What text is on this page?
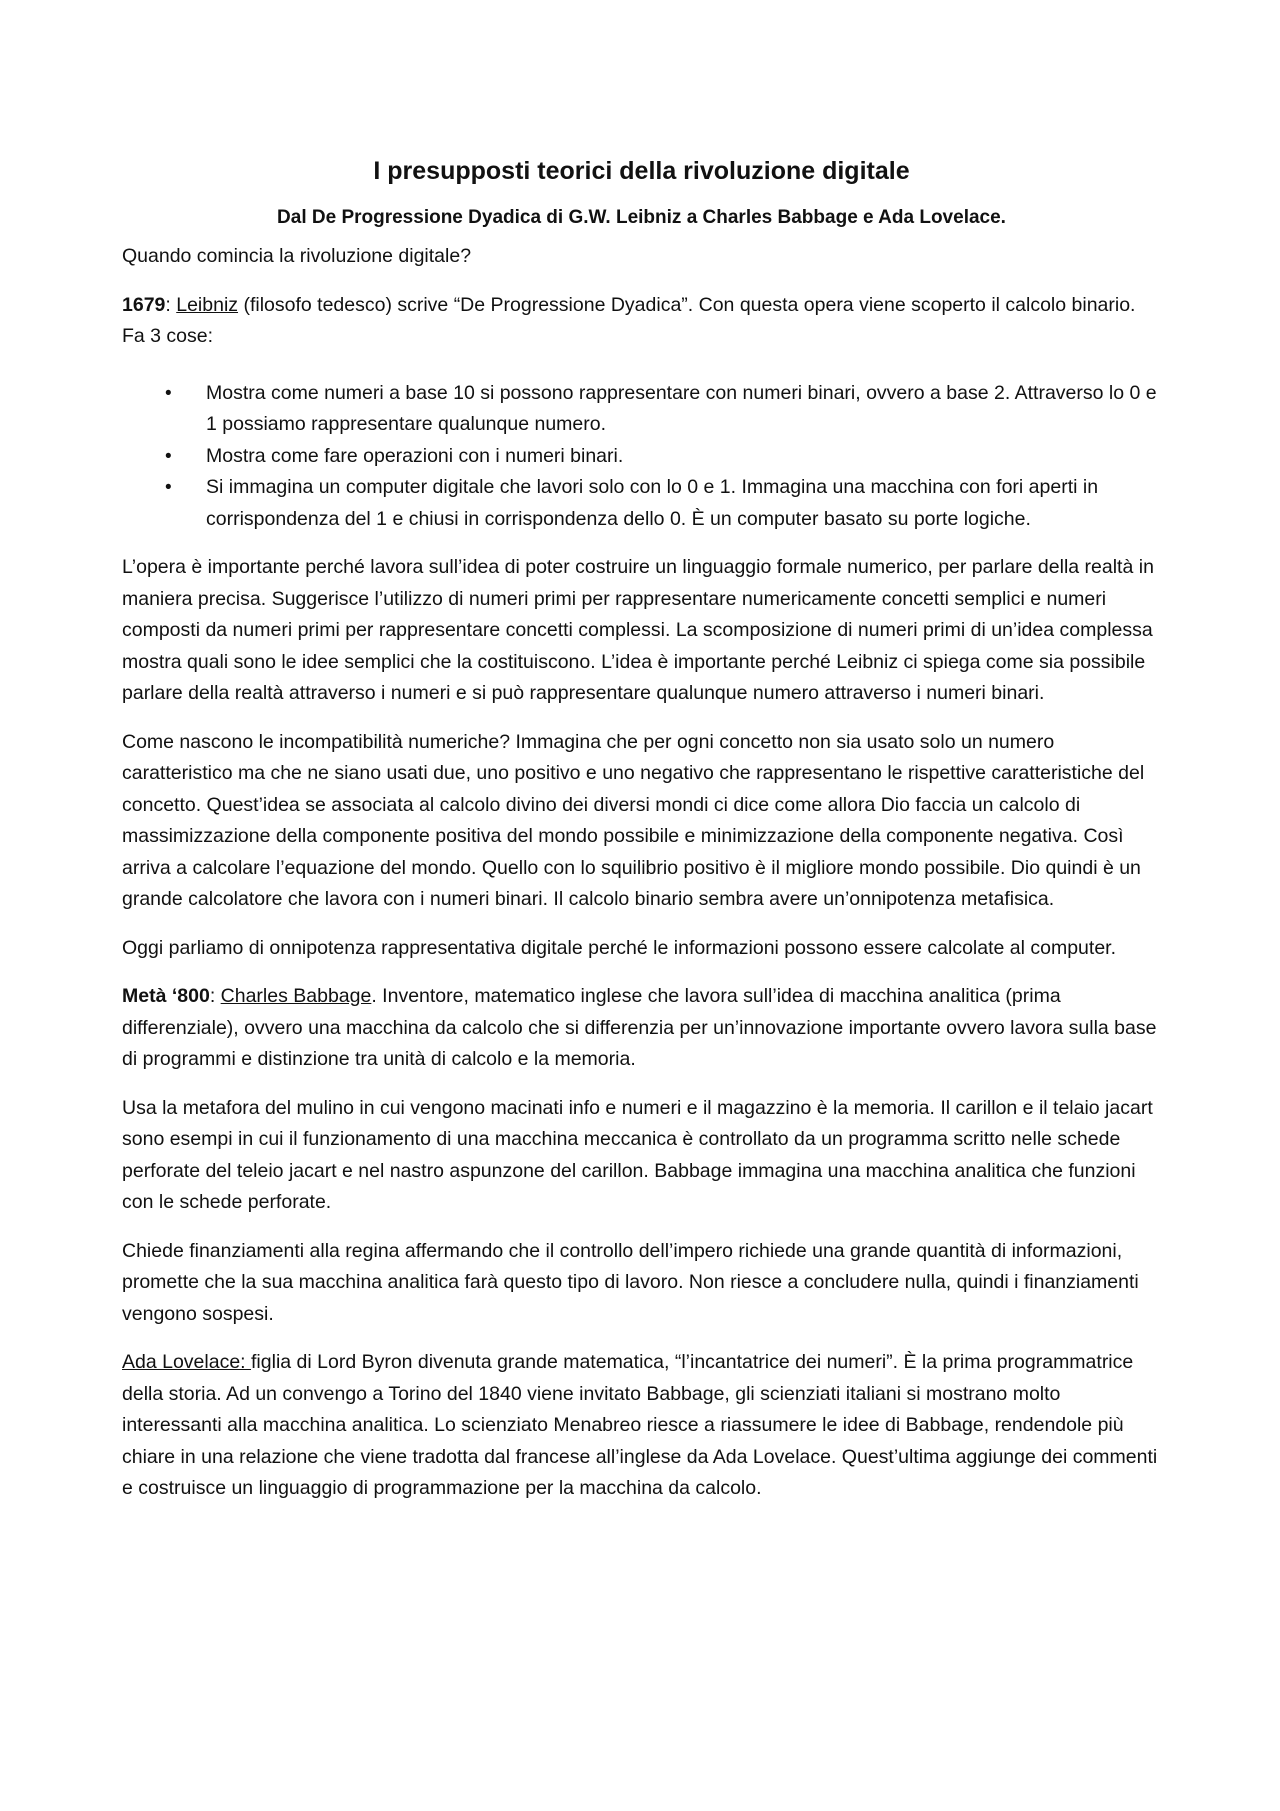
I presupposti teorici della rivoluzione digitale
Dal De Progressione Dyadica di G.W. Leibniz a Charles Babbage e Ada Lovelace.

Quando comincia la rivoluzione digitale?

1679: Leibniz (filosofo tedesco) scrive “De Progressione Dyadica”. Con questa opera viene scoperto il calcolo binario. Fa 3 cose:

• Mostra come numeri a base 10 si possono rappresentare con numeri binari, ovvero a base 2. Attraverso lo 0 e 1 possiamo rappresentare qualunque numero.
• Mostra come fare operazioni con i numeri binari.
• Si immagina un computer digitale che lavori solo con lo 0 e 1. Immagina una macchina con fori aperti in corrispondenza del 1 e chiusi in corrispondenza dello 0. È un computer basato su porte logiche.

L’opera è importante perché lavora sull’idea di poter costruire un linguaggio formale numerico, per parlare della realtà in maniera precisa. Suggerisce l’utilizzo di numeri primi per rappresentare numericamente concetti semplici e numeri composti da numeri primi per rappresentare concetti complessi. La scomposizione di numeri primi di un’idea complessa mostra quali sono le idee semplici che la costituiscono. L’idea è importante perché Leibniz ci spiega come sia possibile parlare della realtà attraverso i numeri e si può rappresentare qualunque numero attraverso i numeri binari.

Come nascono le incompatibilità numeriche? Immagina che per ogni concetto non sia usato solo un numero caratteristico ma che ne siano usati due, uno positivo e uno negativo che rappresentano le rispettive caratteristiche del concetto. Quest’idea se associata al calcolo divino dei diversi mondi ci dice come allora Dio faccia un calcolo di massimizzazione della componente positiva del mondo possibile e minimizzazione della componente negativa. Così arriva a calcolare l’equazione del mondo. Quello con lo squilibrio positivo è il migliore mondo possibile. Dio quindi è un grande calcolatore che lavora con i numeri binari. Il calcolo binario sembra avere un’onnipotenza metafisica.

Oggi parliamo di onnipotenza rappresentativa digitale perché le informazioni possono essere calcolate al computer.

Metà ‘800: Charles Babbage. Inventore, matematico inglese che lavora sull’idea di macchina analitica (prima differenziale), ovvero una macchina da calcolo che si differenzia per un’innovazione importante ovvero lavora sulla base di programmi e distinzione tra unità di calcolo e la memoria.

Usa la metafora del mulino in cui vengono macinati info e numeri e il magazzino è la memoria. Il carillon e il telaio jacart sono esempi in cui il funzionamento di una macchina meccanica è controllato da un programma scritto nelle schede perforate del teleio jacart e nel nastro aspunzone del carillon. Babbage immagina una macchina analitica che funzioni con le schede perforate.

Chiede finanziamenti alla regina affermando che il controllo dell’impero richiede una grande quantità di informazioni, promette che la sua macchina analitica farà questo tipo di lavoro. Non riesce a concludere nulla, quindi i finanziamenti vengono sospesi.

Ada Lovelace: figlia di Lord Byron divenuta grande matematica, “l’incantatrice dei numeri”. È la prima programmatrice della storia. Ad un convengo a Torino del 1840 viene invitato Babbage, gli scienziati italiani si mostrano molto interessanti alla macchina analitica. Lo scienziato Menabreo riesce a riassumere le idee di Babbage, rendendole più chiare in una relazione che viene tradotta dal francese all’inglese da Ada Lovelace. Quest’ultima aggiunge dei commenti e costruisce un linguaggio di programmazione per la macchina da calcolo.
